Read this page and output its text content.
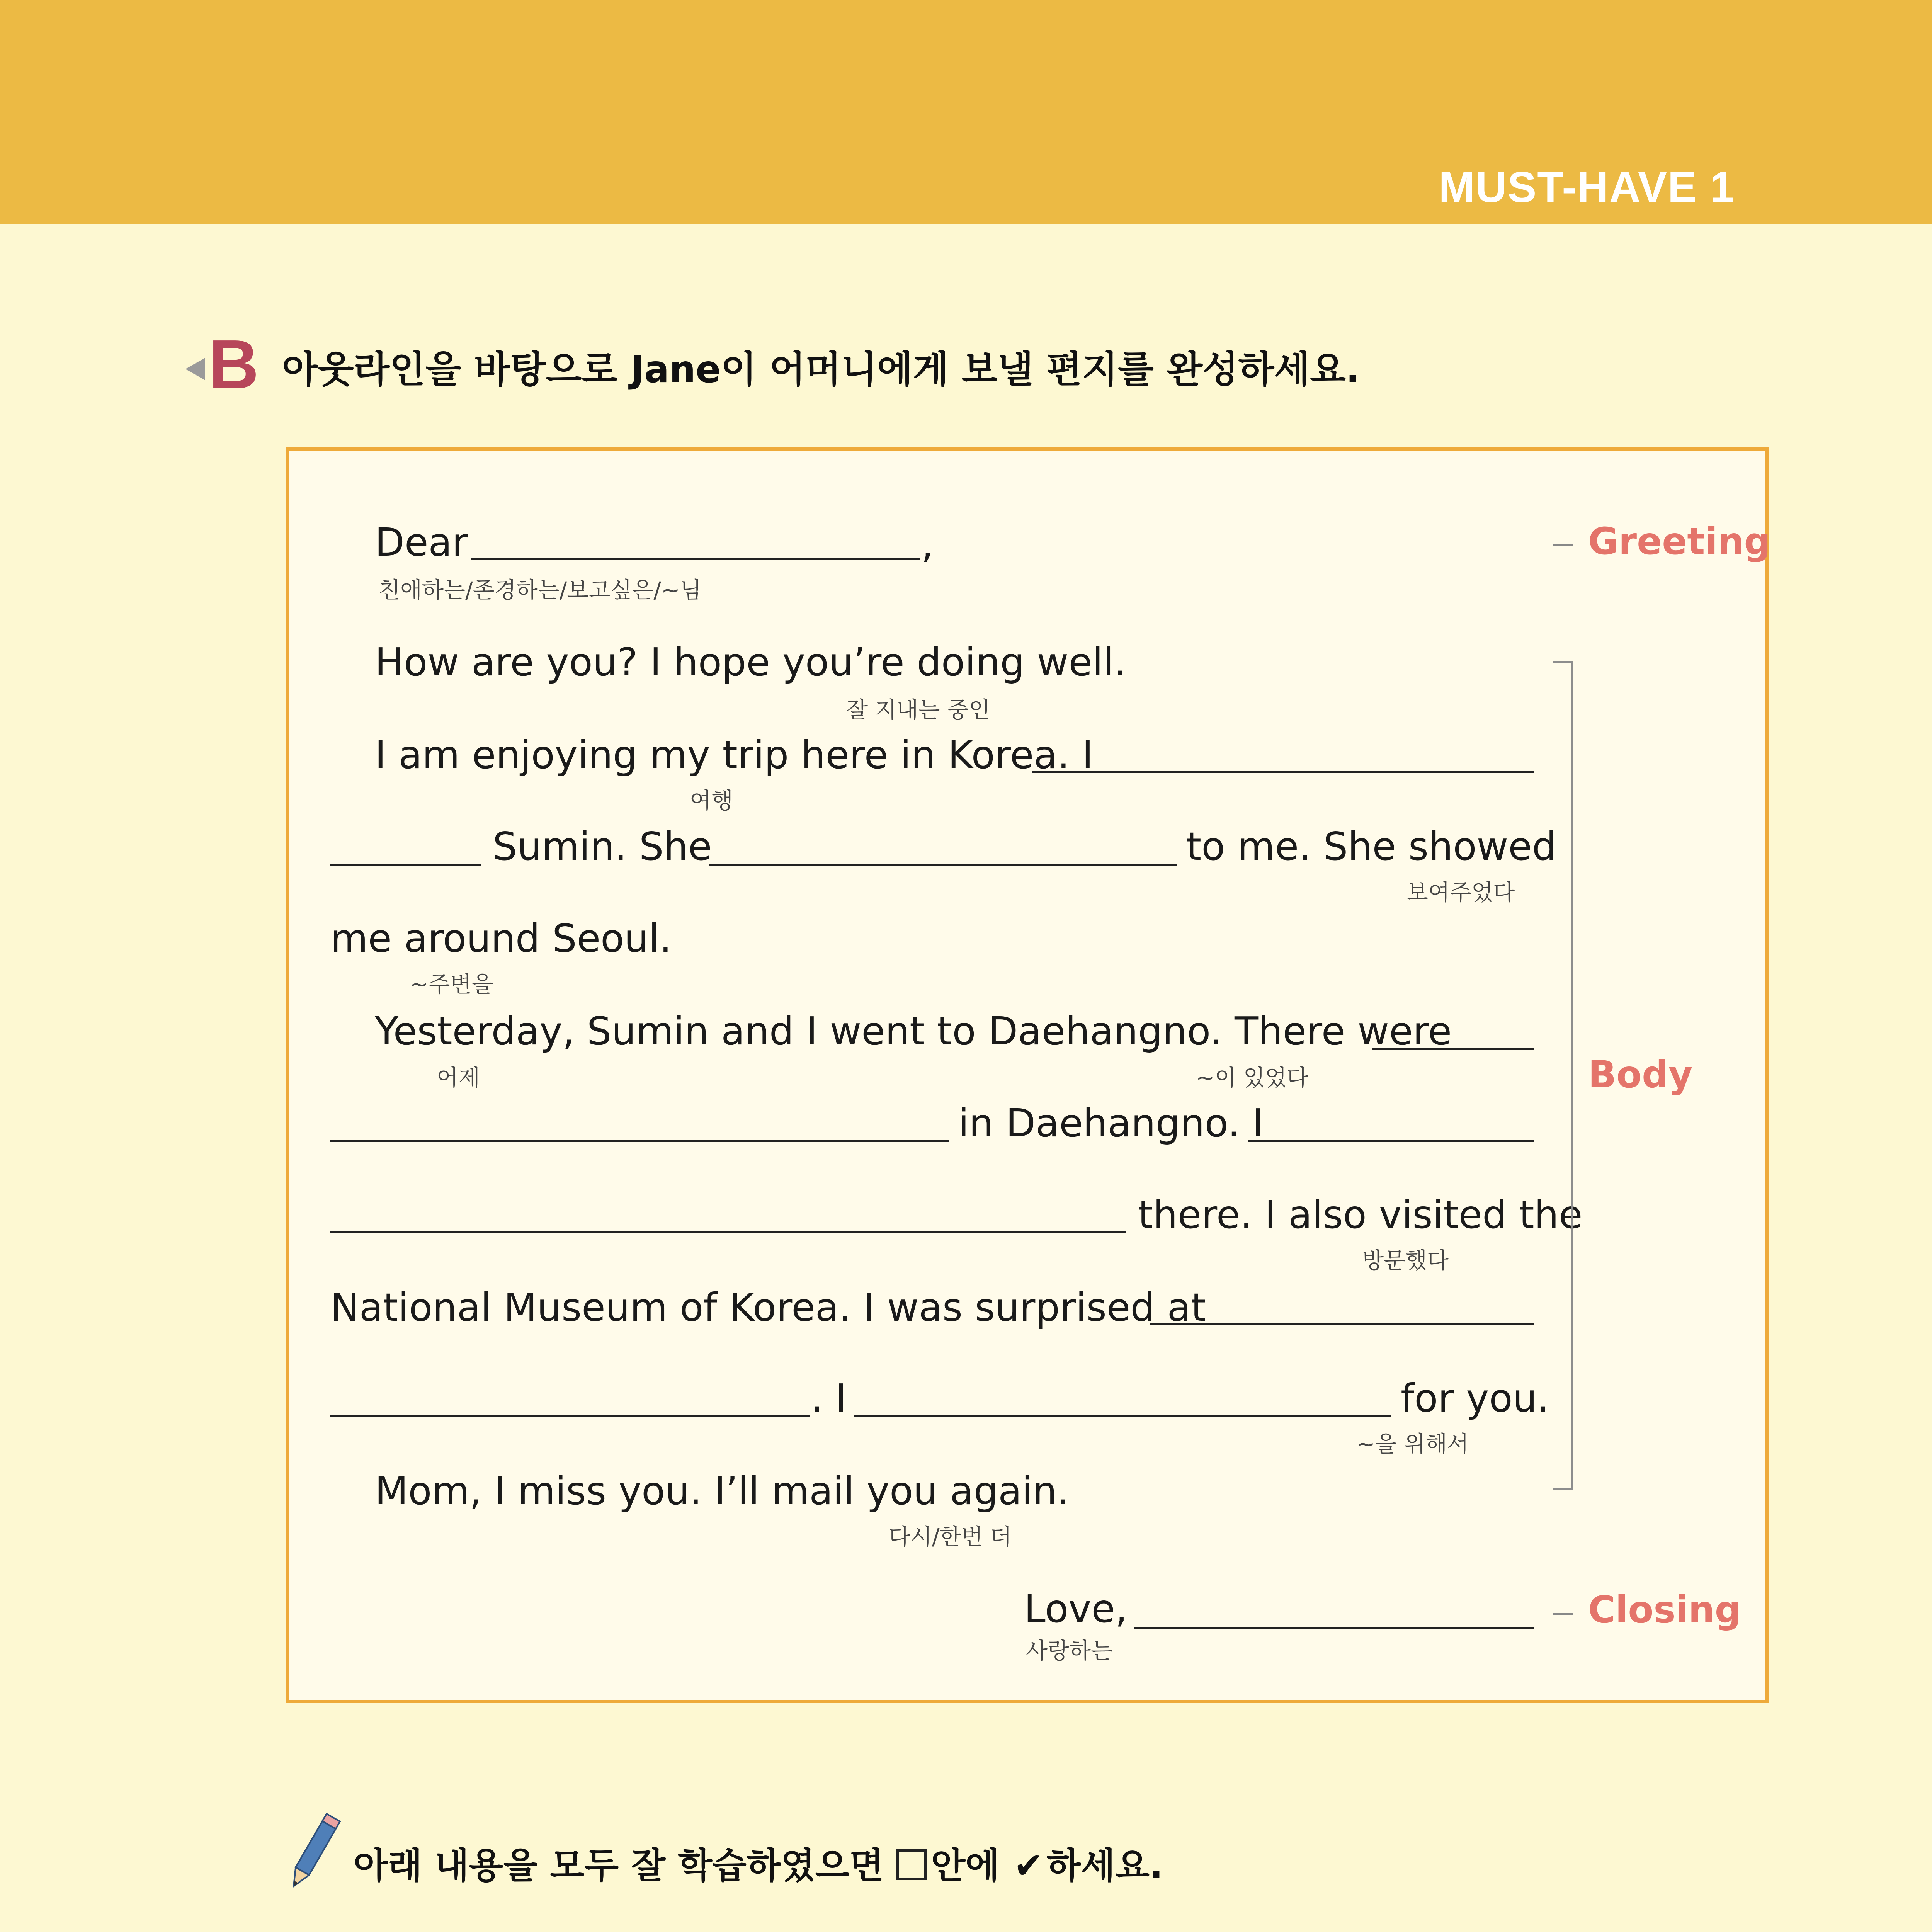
MUST-HAVE 1
B 아웃라인을 바탕으로 Jane이 어머니에게 보낼 편지를 완성하세요.
Dear	,
친애하는/존경하는/보고싶은/~님
How are you? I hope you’re doing well.
잘 지내는 중인
I am enjoying my trip here in Korea. I
여행
Sumin. She	to me. She showed
보여주었다
me around Seoul.
~주변을
Yesterday, Sumin and I went to Daehangno. There were
어제	~이 있었다
in Daehangno. I
there. I also visited the
방문했다
National Museum of Korea. I was surprised at
. I	for you.
~을 위해서
Mom, I miss you. I’ll mail you again.
다시/한번 더
Love,
사랑하는
Greeting
Body
Closing
아래 내용을 모두 잘 학습하였으면 안에 ✔하세요.
